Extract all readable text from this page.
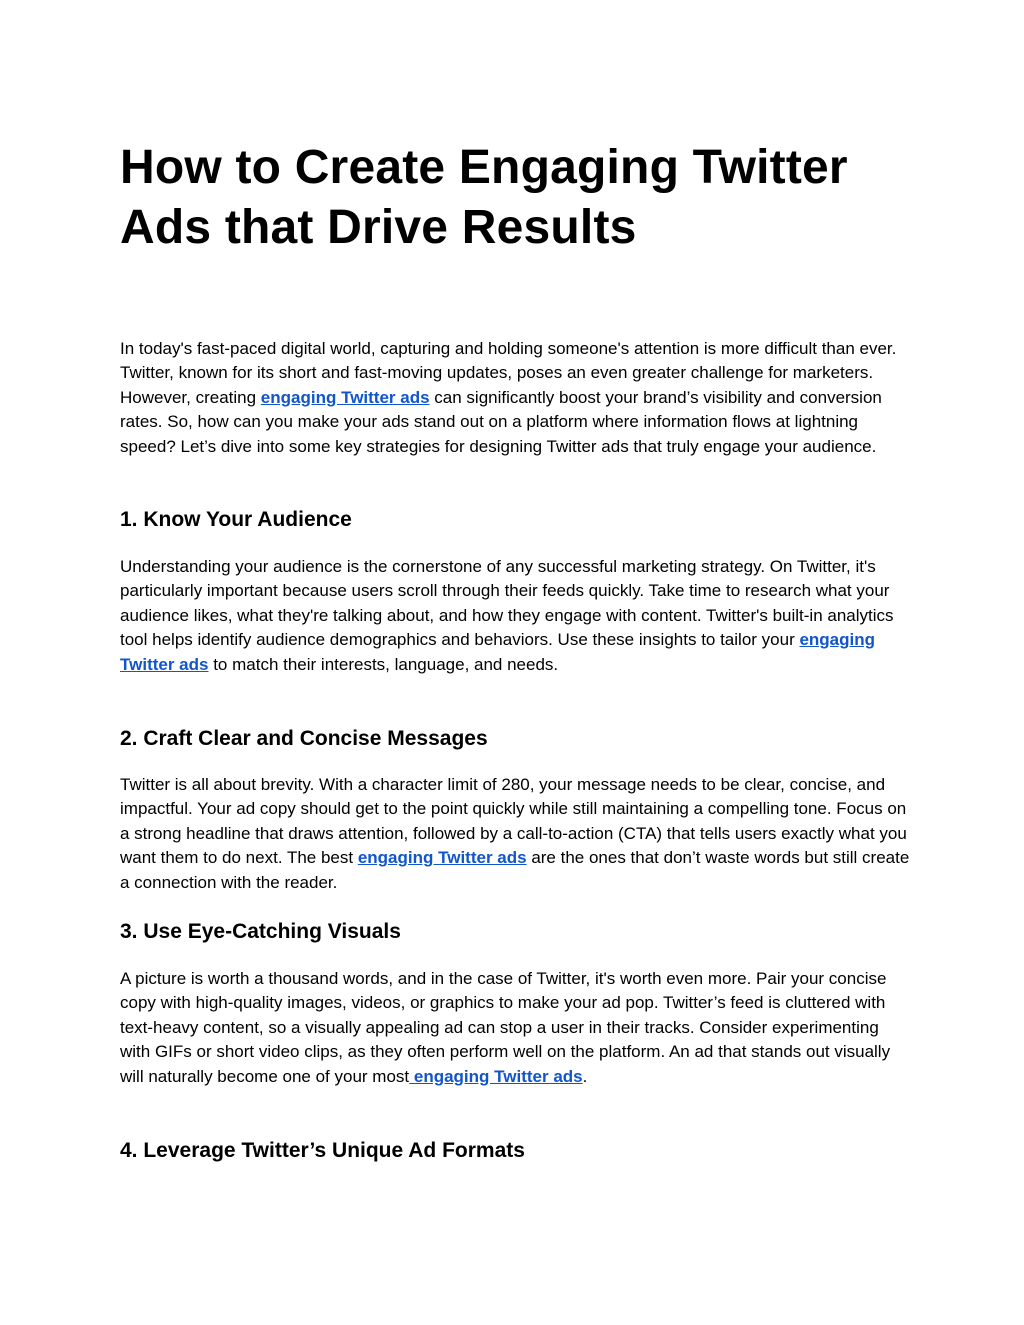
How to Create Engaging Twitter
Ads that Drive Results

In today's fast-paced digital world, capturing and holding someone's attention is more difficult than ever. Twitter, known for its short and fast-moving updates, poses an even greater challenge for marketers. However, creating engaging Twitter ads can significantly boost your brand’s visibility and conversion rates. So, how can you make your ads stand out on a platform where information flows at lightning speed? Let’s dive into some key strategies for designing Twitter ads that truly engage your audience.

1. Know Your Audience

Understanding your audience is the cornerstone of any successful marketing strategy. On Twitter, it's particularly important because users scroll through their feeds quickly. Take time to research what your audience likes, what they're talking about, and how they engage with content. Twitter's built-in analytics tool helps identify audience demographics and behaviors. Use these insights to tailor your engaging Twitter ads to match their interests, language, and needs.

2. Craft Clear and Concise Messages

Twitter is all about brevity. With a character limit of 280, your message needs to be clear, concise, and impactful. Your ad copy should get to the point quickly while still maintaining a compelling tone. Focus on a strong headline that draws attention, followed by a call-to-action (CTA) that tells users exactly what you want them to do next. The best engaging Twitter ads are the ones that don’t waste words but still create a connection with the reader.

3. Use Eye-Catching Visuals

A picture is worth a thousand words, and in the case of Twitter, it's worth even more. Pair your concise copy with high-quality images, videos, or graphics to make your ad pop. Twitter’s feed is cluttered with text-heavy content, so a visually appealing ad can stop a user in their tracks. Consider experimenting with GIFs or short video clips, as they often perform well on the platform. An ad that stands out visually will naturally become one of your most engaging Twitter ads.

4. Leverage Twitter’s Unique Ad Formats
